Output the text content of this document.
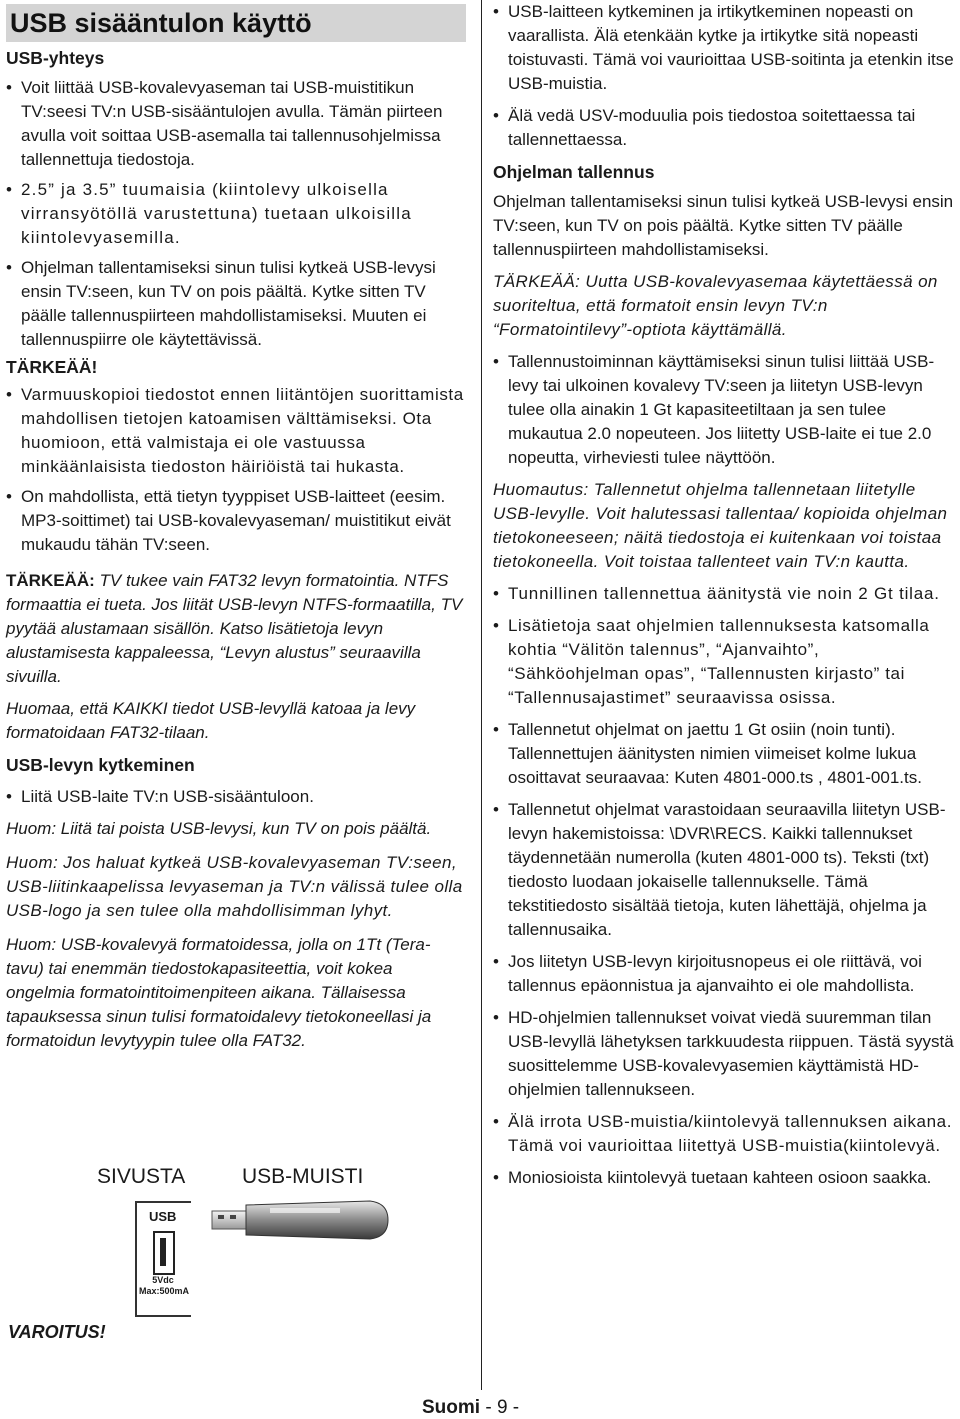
USB sisääntulon käyttö
USB-yhteys
• Voit liittää USB-kovalevyaseman tai USB-muistitikun TV:seesi TV:n USB-sisääntulojen avulla. Tämän piirteen avulla voit soittaa USB-asemalla tai tallennusohjelmissa tallennettuja tiedostoja.
• 2.5” ja 3.5” tuumaisia (kiintolevy ulkoisella virransyötöllä varustettuna) tuetaan ulkoisilla kiintolevyasemilla.
• Ohjelman tallentamiseksi sinun tulisi kytkeä USB-levysi ensin TV:seen, kun TV on pois päältä. Kytke sitten TV päälle tallennuspiirteen mahdollistamiseksi. Muuten ei tallennuspiirre ole käytettävissä.
TÄRKEÄÄ!
• Varmuuskopioi tiedostot ennen liitäntöjen suorittamista mahdollisen tietojen katoamisen välttämiseksi. Ota huomioon, että valmistaja ei ole vastuussa minkäänlaisista tiedoston häiriöistä tai hukasta.
• On mahdollista, että tietyn tyyppiset USB-laitteet (eesim. MP3-soittimet) tai USB-kovalevyaseman/ muistitikut eivät mukaudu tähän TV:seen.

TÄRKEÄÄ: TV tukee vain FAT32 levyn formatointia. NTFS formaattia ei tueta. Jos liität USB-levyn NTFS-formaatilla, TV pyytää alustamaan sisällön. Katso lisätietoja levyn alustamisesta kappaleessa, “Levyn alustus” seuraavilla sivuilla.

Huomaa, että KAIKKI tiedot USB-levyllä katoaa ja levy formatoidaan FAT32-tilaan.

USB-levyn kytkeminen
• Liitä USB-laite TV:n USB-sisääntuloon.

Huom: Liitä tai poista USB-levysi, kun TV on pois päältä.

Huom: Jos haluat kytkeä USB-kovalevyaseman TV:seen, USB-liitinkaapelissa levyaseman ja TV:n välissä tulee olla USB-logo ja sen tulee olla mahdollisimman lyhyt.

Huom: USB-kovalevyä formatoidessa, jolla on 1Tt (Tera-tavu) tai enemmän tiedostokapasiteettia, voit kokea ongelmia formatointitoimenpiteen aikana. Tällaisessa tapauksessa sinun tulisi formatoidalevy tietokoneellasi ja formatoidun levytyypin tulee olla FAT32.

SIVUSTA	USB-MUISTI
USB
5Vdc
Max:500mA
VAROITUS!
• USB-laitteen kytkeminen ja irtikytkeminen nopeasti on vaarallista. Älä etenkään kytke ja irtikytke sitä nopeasti toistuvasti. Tämä voi vaurioittaa USB-soitinta ja etenkin itse USB-muistia.
• Älä vedä USV-moduulia pois tiedostoa soitettaessa tai tallennettaessa.
Ohjelman tallennus

Ohjelman tallentamiseksi sinun tulisi kytkeä USB-levysi ensin TV:seen, kun TV on pois päältä. Kytke sitten TV päälle tallennuspiirteen mahdollistamiseksi.

TÄRKEÄÄ: Uutta USB-kovalevyasemaa käytettäessä on suoriteltua, että formatoit ensin levyn TV:n “Formatointilevy”-optiota käyttämällä.

• Tallennustoiminnan käyttämiseksi sinun tulisi liittää USB-levy tai ulkoinen kovalevy TV:seen ja liitetyn USB-levyn tulee olla ainakin 1 Gt kapasiteetiltaan ja sen tulee mukautua 2.0 nopeuteen. Jos liitetty USB-laite ei tue 2.0 nopeutta, virheviesti tulee näyttöön.

Huomautus: Tallennetut ohjelma tallennetaan liitetylle USB-levylle. Voit halutessasi tallentaa/ kopioida ohjelman tietokoneeseen; näitä tiedostoja ei kuitenkaan voi toistaa tietokoneella. Voit toistaa tallenteet vain TV:n kautta.

• Tunnillinen tallennettua äänitystä vie noin 2 Gt tilaa.
• Lisätietoja saat ohjelmien tallennuksesta katsomalla kohtia “Välitön talennus”, “Ajanvaihto”, “Sähköohjelman opas”, “Tallennusten kirjasto” tai “Tallennusajastimet” seuraavissa osissa.
• Tallennetut ohjelmat on jaettu 1 Gt osiin (noin tunti). Tallennettujen äänitysten nimien viimeiset kolme lukua osoittavat seuraavaa: Kuten 4801-000.ts , 4801-001.ts.
• Tallennetut ohjelmat varastoidaan seuraavilla liitetyn USB-levyn hakemistoissa: \DVR\RECS. Kaikki tallennukset täydennetään numerolla (kuten 4801-000 ts). Teksti (txt) tiedosto luodaan jokaiselle tallennukselle. Tämä tekstitiedosto sisältää tietoja, kuten lähettäjä, ohjelma ja tallennusaika.
• Jos liitetyn USB-levyn kirjoitusnopeus ei ole riittävä, voi tallennus epäonnistua ja ajanvaihto ei ole mahdollista.
• HD-ohjelmien tallennukset voivat viedä suuremman tilan USB-levyllä lähetyksen tarkkuudesta riippuen. Tästä syystä suosittelemme USB-kovalevyasemien käyttämistä HD-ohjelmien tallennukseen.
• Älä irrota USB-muistia/kiintolevyä tallennuksen aikana. Tämä voi vaurioittaa liitettyä USB-muistia(kiintolevyä.
• Moniosioista kiintolevyä tuetaan kahteen osioon saakka.
Suomi - 9 -
